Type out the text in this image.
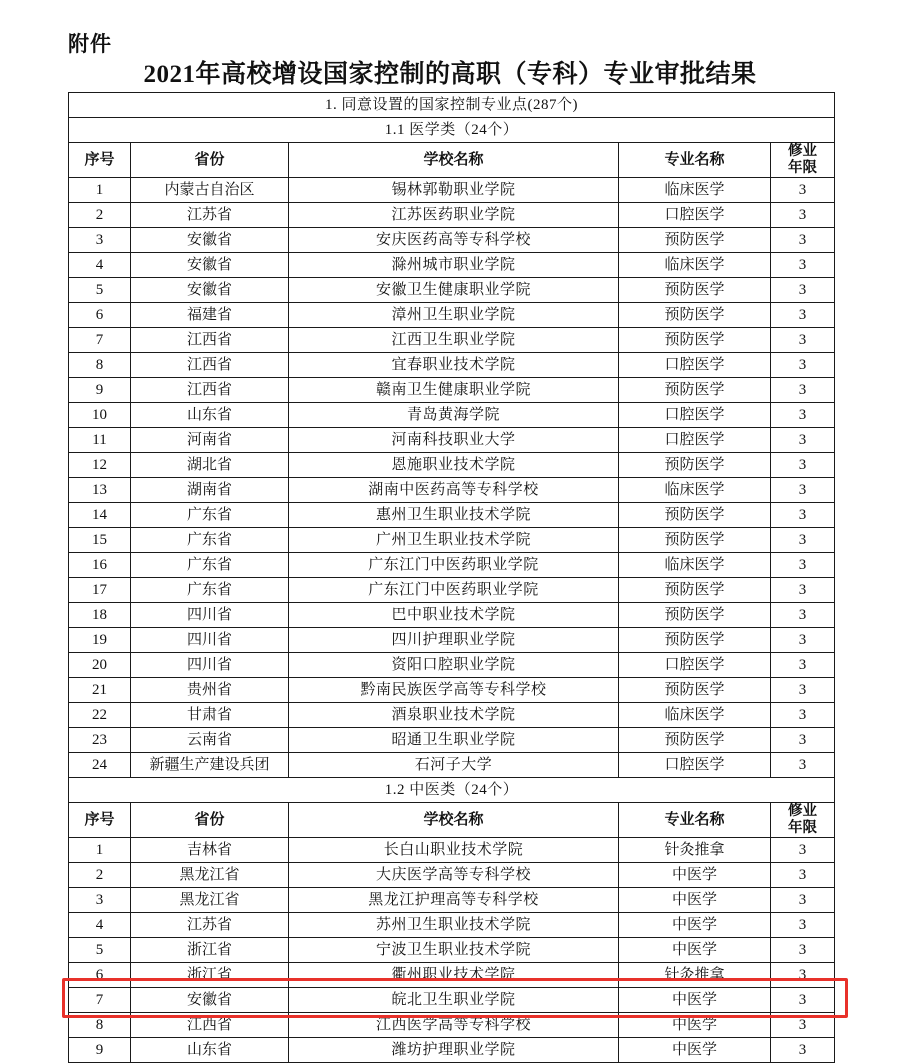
附件
2021年高校增设国家控制的高职（专科）专业审批结果
1. 同意设置的国家控制专业点(287个)				
1.1 医学类（24个）				
序号	省份	学校名称	专业名称	修业
年限

1	内蒙古自治区	锡林郭勒职业学院	临床医学	3
2	江苏省	江苏医药职业学院	口腔医学	3
3	安徽省	安庆医药高等专科学校	预防医学	3
4	安徽省	滁州城市职业学院	临床医学	3
5	安徽省	安徽卫生健康职业学院	预防医学	3
6	福建省	漳州卫生职业学院	预防医学	3
7	江西省	江西卫生职业学院	预防医学	3
8	江西省	宜春职业技术学院	口腔医学	3
9	江西省	赣南卫生健康职业学院	预防医学	3
10	山东省	青岛黄海学院	口腔医学	3
11	河南省	河南科技职业大学	口腔医学	3
12	湖北省	恩施职业技术学院	预防医学	3
13	湖南省	湖南中医药高等专科学校	临床医学	3
14	广东省	惠州卫生职业技术学院	预防医学	3
15	广东省	广州卫生职业技术学院	预防医学	3
16	广东省	广东江门中医药职业学院	临床医学	3
17	广东省	广东江门中医药职业学院	预防医学	3
18	四川省	巴中职业技术学院	预防医学	3
19	四川省	四川护理职业学院	预防医学	3
20	四川省	资阳口腔职业学院	口腔医学	3
21	贵州省	黔南民族医学高等专科学校	预防医学	3
22	甘肃省	酒泉职业技术学院	临床医学	3
23	云南省	昭通卫生职业学院	预防医学	3
24	新疆生产建设兵团	石河子大学	口腔医学	3
1.2 中医类（24个）				
序号	省份	学校名称	专业名称	修业
年限

1	吉林省	长白山职业技术学院	针灸推拿	3
2	黑龙江省	大庆医学高等专科学校	中医学	3
3	黑龙江省	黑龙江护理高等专科学校	中医学	3
4	江苏省	苏州卫生职业技术学院	中医学	3
5	浙江省	宁波卫生职业技术学院	中医学	3
6	浙江省	衢州职业技术学院	针灸推拿	3
7	安徽省	皖北卫生职业学院	中医学	3
8	江西省	江西医学高等专科学校	中医学	3
9	山东省	潍坊护理职业学院	中医学	3
